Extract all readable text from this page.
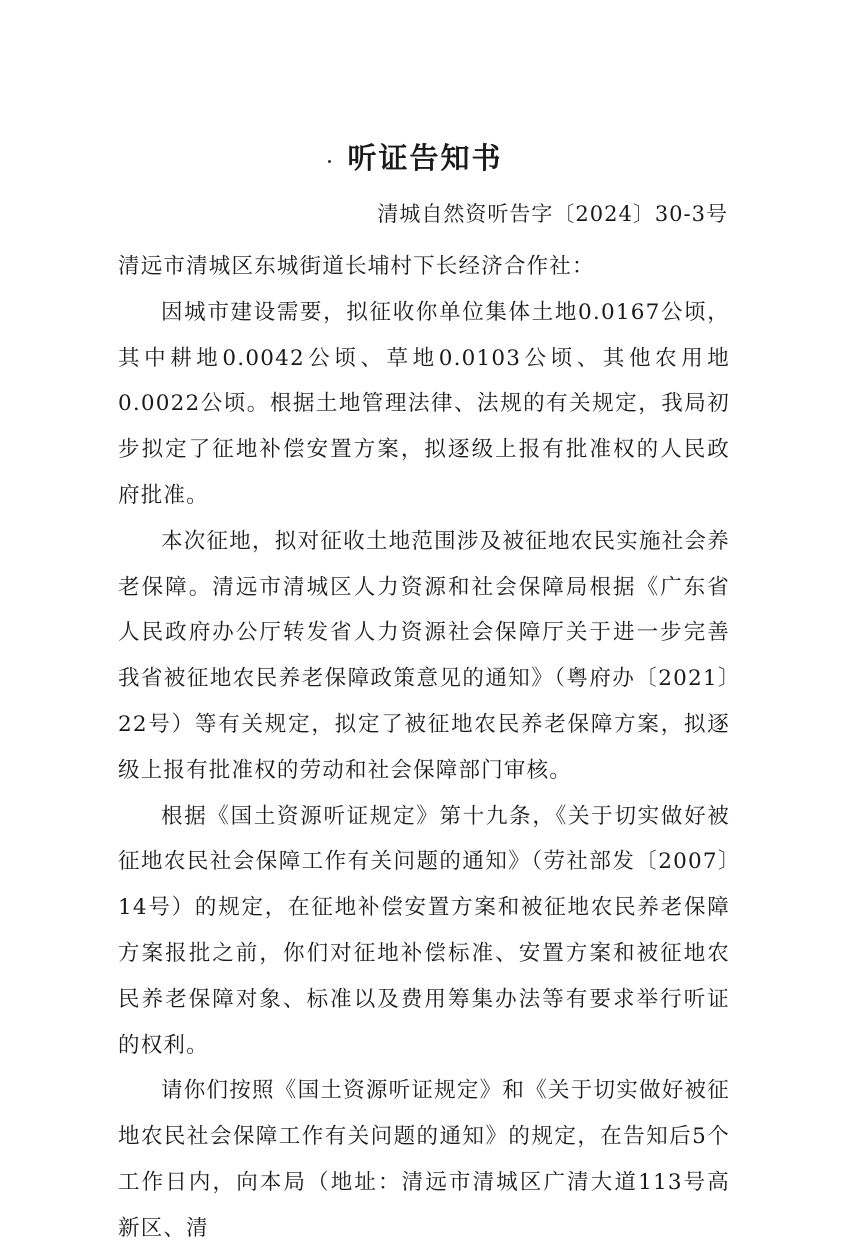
听证告知书
清城自然资听告字〔2024〕30-3号

清远市清城区东城街道长埔村下长经济合作社：

因城市建设需要，拟征收你单位集体土地0.0167公顷，其中耕地0.0042公顷、草地0.0103公顷、其他农用地0.0022公顷。根据土地管理法律、法规的有关规定，我局初步拟定了征地补偿安置方案，拟逐级上报有批准权的人民政府批准。

本次征地，拟对征收土地范围涉及被征地农民实施社会养老保障。清远市清城区人力资源和社会保障局根据《广东省人民政府办公厅转发省人力资源社会保障厅关于进一步完善我省被征地农民养老保障政策意见的通知》（粤府办〔2021〕22号）等有关规定，拟定了被征地农民养老保障方案，拟逐级上报有批准权的劳动和社会保障部门审核。

根据《国土资源听证规定》第十九条，《关于切实做好被征地农民社会保障工作有关问题的通知》（劳社部发〔2007〕14号）的规定，在征地补偿安置方案和被征地农民养老保障方案报批之前，你们对征地补偿标准、安置方案和被征地农民养老保障对象、标准以及费用筹集办法等有要求举行听证的权利。

请你们按照《国土资源听证规定》和《关于切实做好被征地农民社会保障工作有关问题的通知》的规定，在告知后5个工作日内，向本局（地址：清远市清城区广清大道113号高新区、清
